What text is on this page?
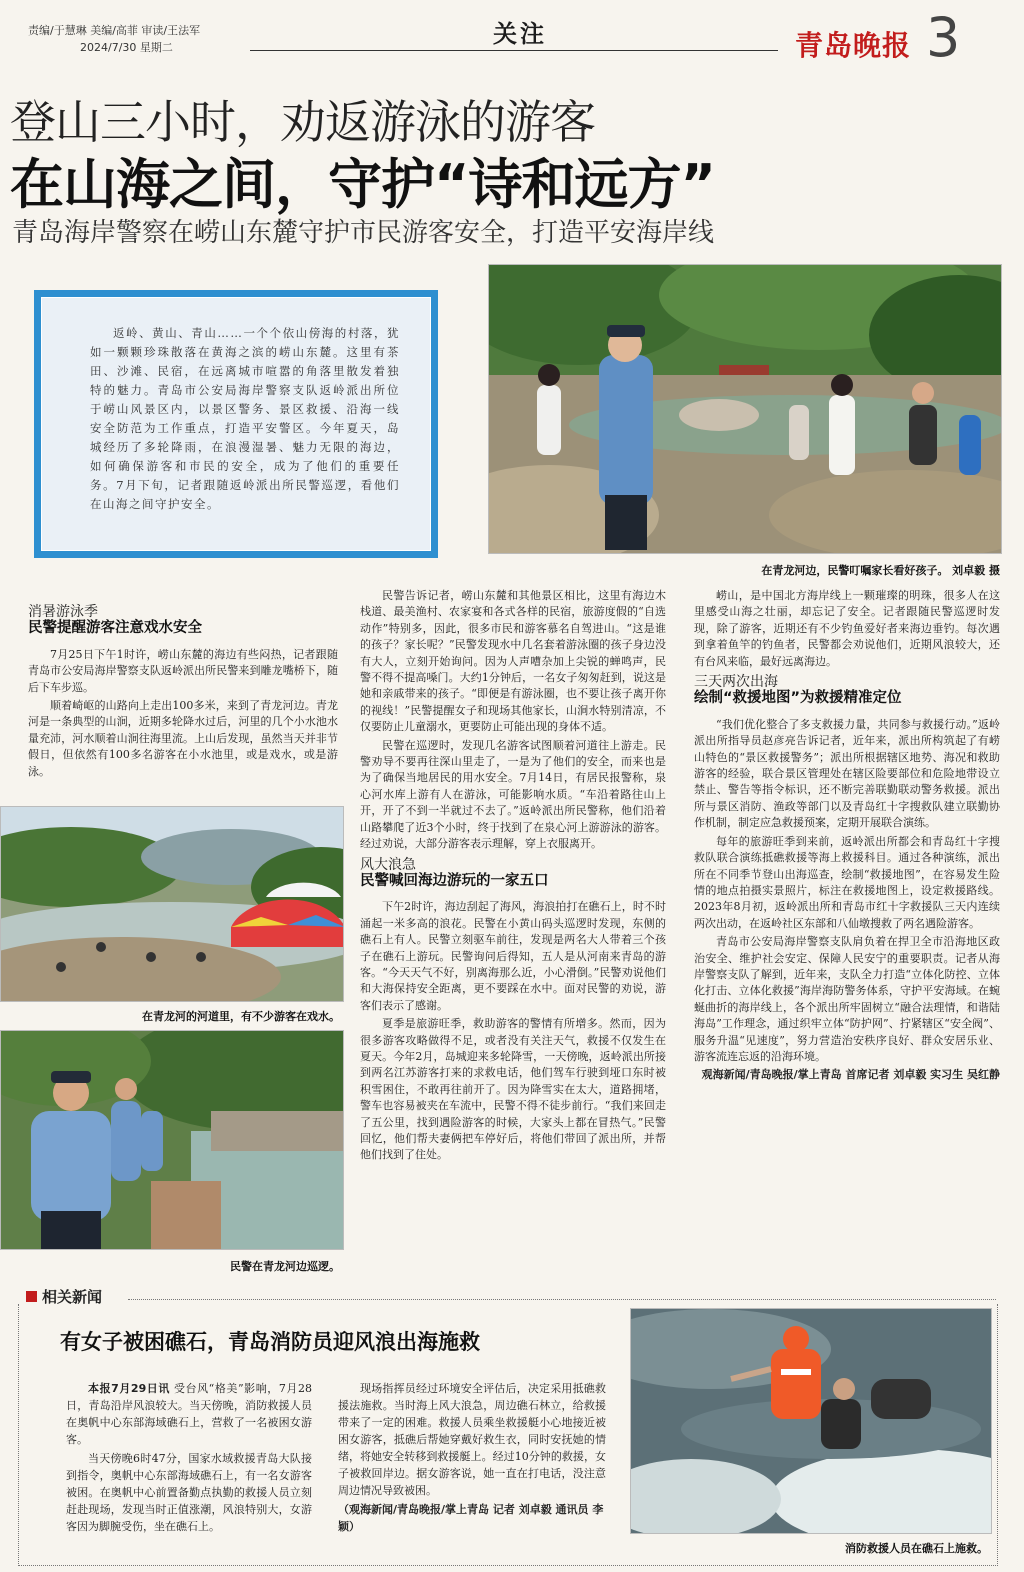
责编/于慧琳 美编/高菲 审读/王法军
2024/7/30 星期二	关注	青岛晚报 3
登山三小时，劝返游泳的游客
在山海之间，守护“诗和远方”
青岛海岸警察在崂山东麓守护市民游客安全，打造平安海岸线
返岭、黄山、青山……一个个依山傍海的村落，犹如一颗颗珍珠散落在黄海之滨的崂山东麓。这里有茶田、沙滩、民宿，在远离城市喧嚣的角落里散发着独特的魅力。青岛市公安局海岸警察支队返岭派出所位于崂山风景区内，以景区警务、景区救援、沿海一线安全防范为工作重点，打造平安警区。今年夏天，岛城经历了多轮降雨，在浪漫湿暑、魅力无限的海边，如何确保游客和市民的安全，成为了他们的重要任务。7月下旬，记者跟随返岭派出所民警巡逻，看他们在山海之间守护安全。
在青龙河边，民警叮嘱家长看好孩子。 刘卓毅 摄
消暑游泳季
民警提醒游客注意戏水安全

7月25日下午1时许，崂山东麓的海边有些闷热，记者跟随青岛市公安局海岸警察支队返岭派出所民警来到雕龙嘴桥下，随后下车步巡。

顺着崎岖的山路向上走出100多米，来到了青龙河边。青龙河是一条典型的山涧，近期多轮降水过后，河里的几个小水池水量充沛，河水顺着山涧往海里流。上山后发现，虽然当天并非节假日，但依然有100多名游客在小水池里，或是戏水，或是游泳。

在青龙河的河道里，有不少游客在戏水。
民警在青龙河边巡逻。

民警告诉记者，崂山东麓和其他景区相比，这里有海边木栈道、最美渔村、农家宴和各式各样的民宿，旅游度假的“自选动作”特别多，因此，很多市民和游客慕名自驾进山。“这是谁的孩子？家长呢？”民警发现水中几名套着游泳圈的孩子身边没有大人，立刻开始询问。因为人声嘈杂加上尖锐的蝉鸣声，民警不得不提高嗓门。大约1分钟后，一名女子匆匆赶到，说这是她和亲戚带来的孩子。“即便是有游泳圈，也不要让孩子离开你的视线！”民警提醒女子和现场其他家长，山涧水特别清凉，不仅要防止儿童溺水，更要防止可能出现的身体不适。

民警在巡逻时，发现几名游客试图顺着河道往上游走。民警劝导不要再往深山里走了，一是为了他们的安全，而来也是为了确保当地居民的用水安全。7月14日，有居民报警称，泉心河水库上游有人在游泳，可能影响水质。“车沿着路往山上开，开了不到一半就过不去了。”返岭派出所民警称，他们沿着山路攀爬了近3个小时，终于找到了在泉心河上游游泳的游客。经过劝说，大部分游客表示理解，穿上衣服离开。

风大浪急
民警喊回海边游玩的一家五口

下午2时许，海边刮起了海风，海浪拍打在礁石上，时不时涌起一米多高的浪花。民警在小黄山码头巡逻时发现，东侧的礁石上有人。民警立刻驱车前往，发现是两名大人带着三个孩子在礁石上游玩。民警询问后得知，五人是从河南来青岛的游客。“今天天气不好，别离海那么近，小心滑倒。”民警劝说他们和大海保持安全距离，更不要踩在水中。面对民警的劝说，游客们表示了感谢。

夏季是旅游旺季，救助游客的警情有所增多。然而，因为很多游客攻略做得不足，或者没有关注天气，救援不仅发生在夏天。今年2月，岛城迎来多轮降雪，一天傍晚，返岭派出所接到两名江苏游客打来的求救电话，他们驾车行驶到垭口东时被积雪困住，不敢再往前开了。因为降雪实在太大，道路拥堵，警车也容易被夹在车流中，民警不得不徒步前行。“我们来回走了五公里，找到遇险游客的时候，大家头上都在冒热气。”民警回忆，他们帮夫妻俩把车停好后，将他们带回了派出所，并帮他们找到了住处。

崂山，是中国北方海岸线上一颗璀璨的明珠，很多人在这里感受山海之壮丽，却忘记了安全。记者跟随民警巡逻时发现，除了游客，近期还有不少钓鱼爱好者来海边垂钓。每次遇到拿着鱼竿的钓鱼者，民警都会劝说他们，近期风浪较大，还有台风来临，最好远离海边。

三天两次出海
绘制“救援地图”为救援精准定位

“我们优化整合了多支救援力量，共同参与救援行动。”返岭派出所指导员赵彦亮告诉记者，近年来，派出所构筑起了有崂山特色的“景区救援警务”；派出所根据辖区地势、海况和救助游客的经验，联合景区管理处在辖区险要部位和危险地带设立禁止、警告等指令标识，还不断完善联勤联动警务救援。派出所与景区消防、渔政等部门以及青岛红十字搜救队建立联勤协作机制，制定应急救援预案，定期开展联合演练。

每年的旅游旺季到来前，返岭派出所都会和青岛红十字搜救队联合演练抵礁救援等海上救援科目。通过各种演练，派出所在不同季节登山出海巡查，绘制“救援地图”，在容易发生险情的地点拍摄实景照片，标注在救援地图上，设定救援路线。2023年8月初，返岭派出所和青岛市红十字救援队三天内连续两次出动，在返岭社区东部和八仙墩搜救了两名遇险游客。

青岛市公安局海岸警察支队肩负着在捍卫全市沿海地区政治安全、维护社会安定、保障人民安宁的重要职责。记者从海岸警察支队了解到，近年来，支队全力打造“立体化防控、立体化打击、立体化救援”海岸海防警务体系，守护平安海域。在蜿蜒曲折的海岸线上，各个派出所牢固树立“融合法理情，和谐陆海岛”工作理念，通过织牢立体“防护网”、拧紧辖区“安全阀”、服务升温“见速度”，努力营造治安秩序良好、群众安居乐业、游客流连忘返的沿海环境。

观海新闻/青岛晚报/掌上青岛 首席记者 刘卓毅 实习生 吴红静

相关新闻
有女子被困礁石，青岛消防员迎风浪出海施救

本报7月29日讯 受台风“格美”影响，7月28日，青岛沿岸风浪较大。当天傍晚，消防救援人员在奥帆中心东部海域礁石上，营救了一名被困女游客。

当天傍晚6时47分，国家水域救援青岛大队接到指令，奥帆中心东部海域礁石上，有一名女游客被困。在奥帆中心前置备勤点执勤的救援人员立刻赶赴现场，发现当时正值涨潮，风浪特别大，女游客因为脚腕受伤，坐在礁石上。

现场指挥员经过环境安全评估后，决定采用抵礁救援法施救。当时海上风大浪急，周边礁石林立，给救援带来了一定的困难。救援人员乘坐救援艇小心地接近被困女游客，抵礁后帮她穿戴好救生衣，同时安抚她的情绪，将她安全转移到救援艇上。经过10分钟的救援，女子被救回岸边。据女游客说，她一直在打电话，没注意周边情况导致被困。

（观海新闻/青岛晚报/掌上青岛 记者 刘卓毅 通讯员 李颖）

消防救援人员在礁石上施救。
